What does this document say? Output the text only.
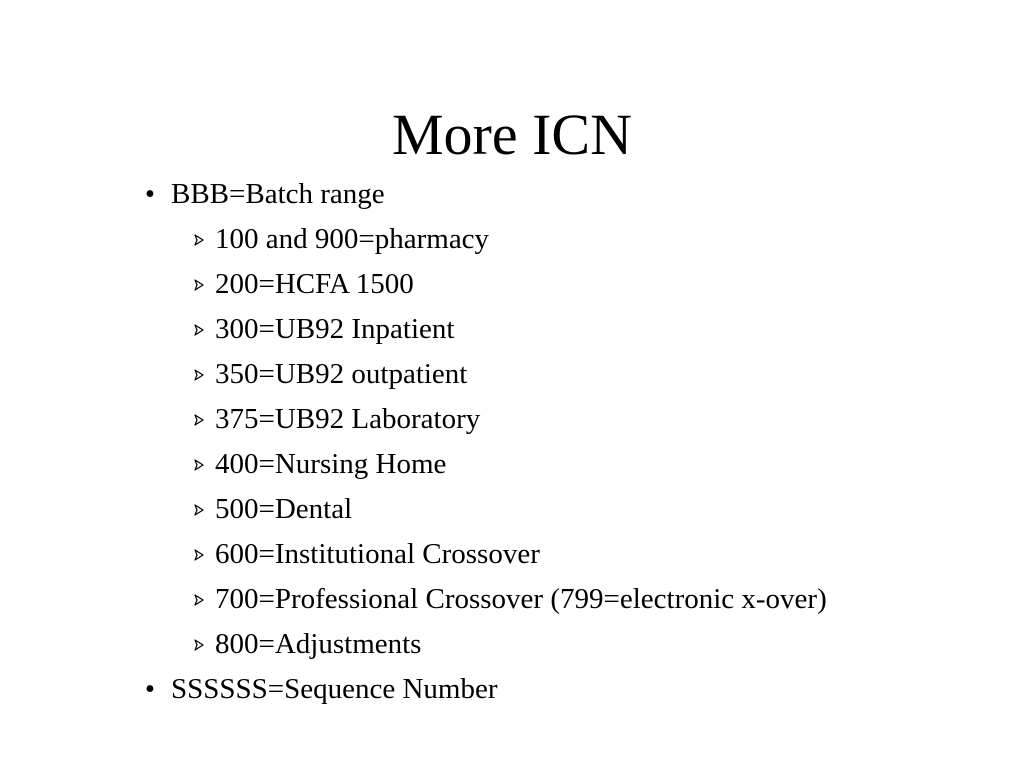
More ICN
• BBB=Batch range
100 and 900=pharmacy
200=HCFA 1500
300=UB92 Inpatient
350=UB92 outpatient
375=UB92 Laboratory
400=Nursing Home
500=Dental
600=Institutional Crossover
700=Professional Crossover (799=electronic x-over)
800=Adjustments
• SSSSSS=Sequence Number
